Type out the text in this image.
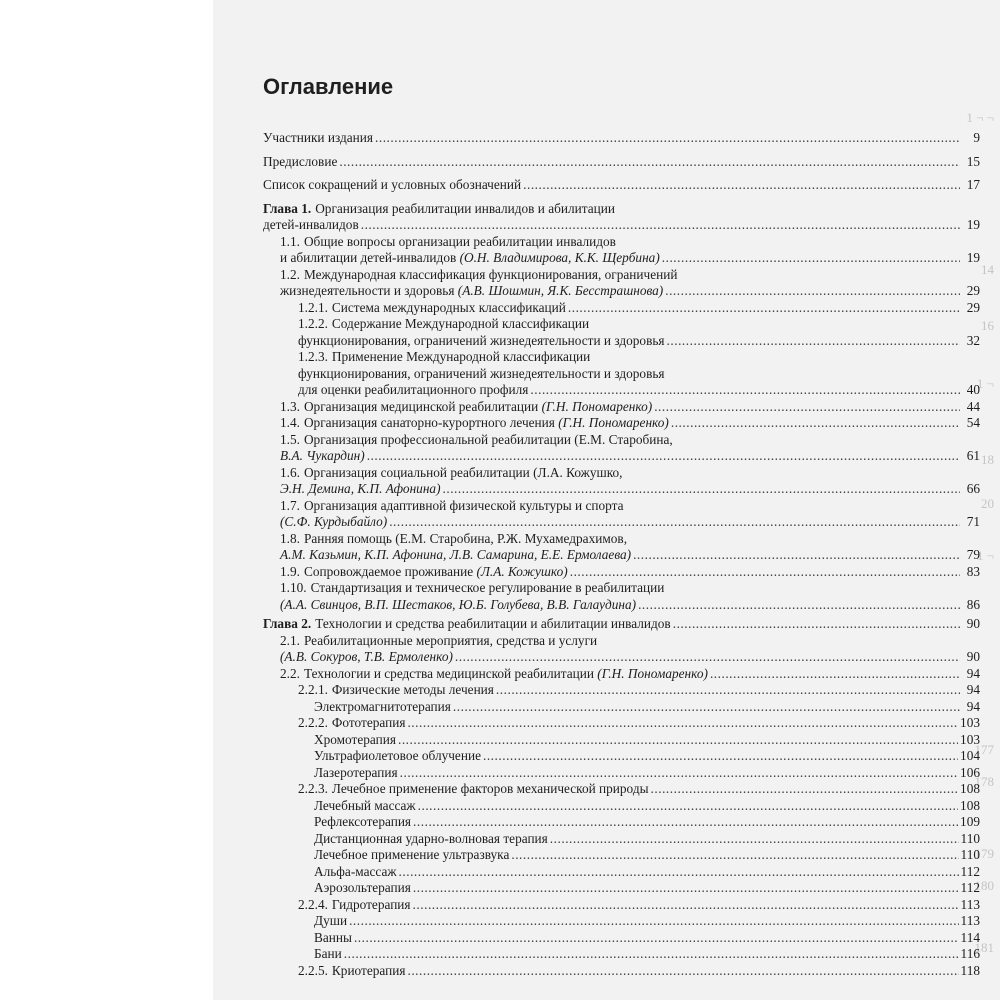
1 ¬ ¬
14
16
1 ¬
18
20
1 ¬
177
178
179
180
181
Оглавление
Участники издания . . .	9
Предисловие . . .	15
Список сокращений и условных обозначений . . .	17
Глава 1. Организация реабилитации инвалидов и абилитации
детей-инвалидов . . .	19
1.1. Общие вопросы организации реабилитации инвалидов
и абилитации детей-инвалидов (О.Н. Владимирова, К.К. Щербина) . . .	19
1.2. Международная классификация функционирования, ограничений
жизнедеятельности и здоровья (А.В. Шошмин, Я.К. Бесстрашнова) . . .	29
1.2.1. Система международных классификаций . . .	29
1.2.2. Содержание Международной классификации
функционирования, ограничений жизнедеятельности и здоровья . . .	32
1.2.3. Применение Международной классификации
функционирования, ограничений жизнедеятельности и здоровья
для оценки реабилитационного профиля . . .	40
1.3. Организация медицинской реабилитации (Г.Н. Пономаренко) . . .	44
1.4. Организация санаторно-курортного лечения (Г.Н. Пономаренко) . . .	54
1.5. Организация профессиональной реабилитации (Е.М. Старобина,
В.А. Чукардин) . . .	61
1.6. Организация социальной реабилитации (Л.А. Кожушко,
Э.Н. Демина, К.П. Афонина) . . .	66
1.7. Организация адаптивной физической культуры и спорта
(С.Ф. Курдыбайло) . . .	71
1.8. Ранняя помощь (Е.М. Старобина, Р.Ж. Мухамедрахимов,
А.М. Казьмин, К.П. Афонина, Л.В. Самарина, Е.Е. Ермолаева) . . .	79
1.9. Сопровождаемое проживание (Л.А. Кожушко) . . .	83
1.10. Стандартизация и техническое регулирование в реабилитации
(А.А. Свинцов, В.П. Шестаков, Ю.Б. Голубева, В.В. Галаудина) . . .	86
Глава 2. Технологии и средства реабилитации и абилитации инвалидов . . .	90
2.1. Реабилитационные мероприятия, средства и услуги
(А.В. Сокуров, Т.В. Ермоленко) . . .	90
2.2. Технологии и средства медицинской реабилитации (Г.Н. Пономаренко) . . .	94
2.2.1. Физические методы лечения . . .	94
Электромагнитотерапия . . .	94
2.2.2. Фототерапия . . .	103
Хромотерапия . . .	103
Ультрафиолетовое облучение . . .	104
Лазеротерапия . . .	106
2.2.3. Лечебное применение факторов механической природы . . .	108
Лечебный массаж . . .	108
Рефлексотерапия . . .	109
Дистанционная ударно-волновая терапия . . .	110
Лечебное применение ультразвука . . .	110
Альфа-массаж . . .	112
Аэрозольтерапия . . .	112
2.2.4. Гидротерапия . . .	113
Души . . .	113
Ванны . . .	114
Бани . . .	116
2.2.5. Криотерапия . . .	118
